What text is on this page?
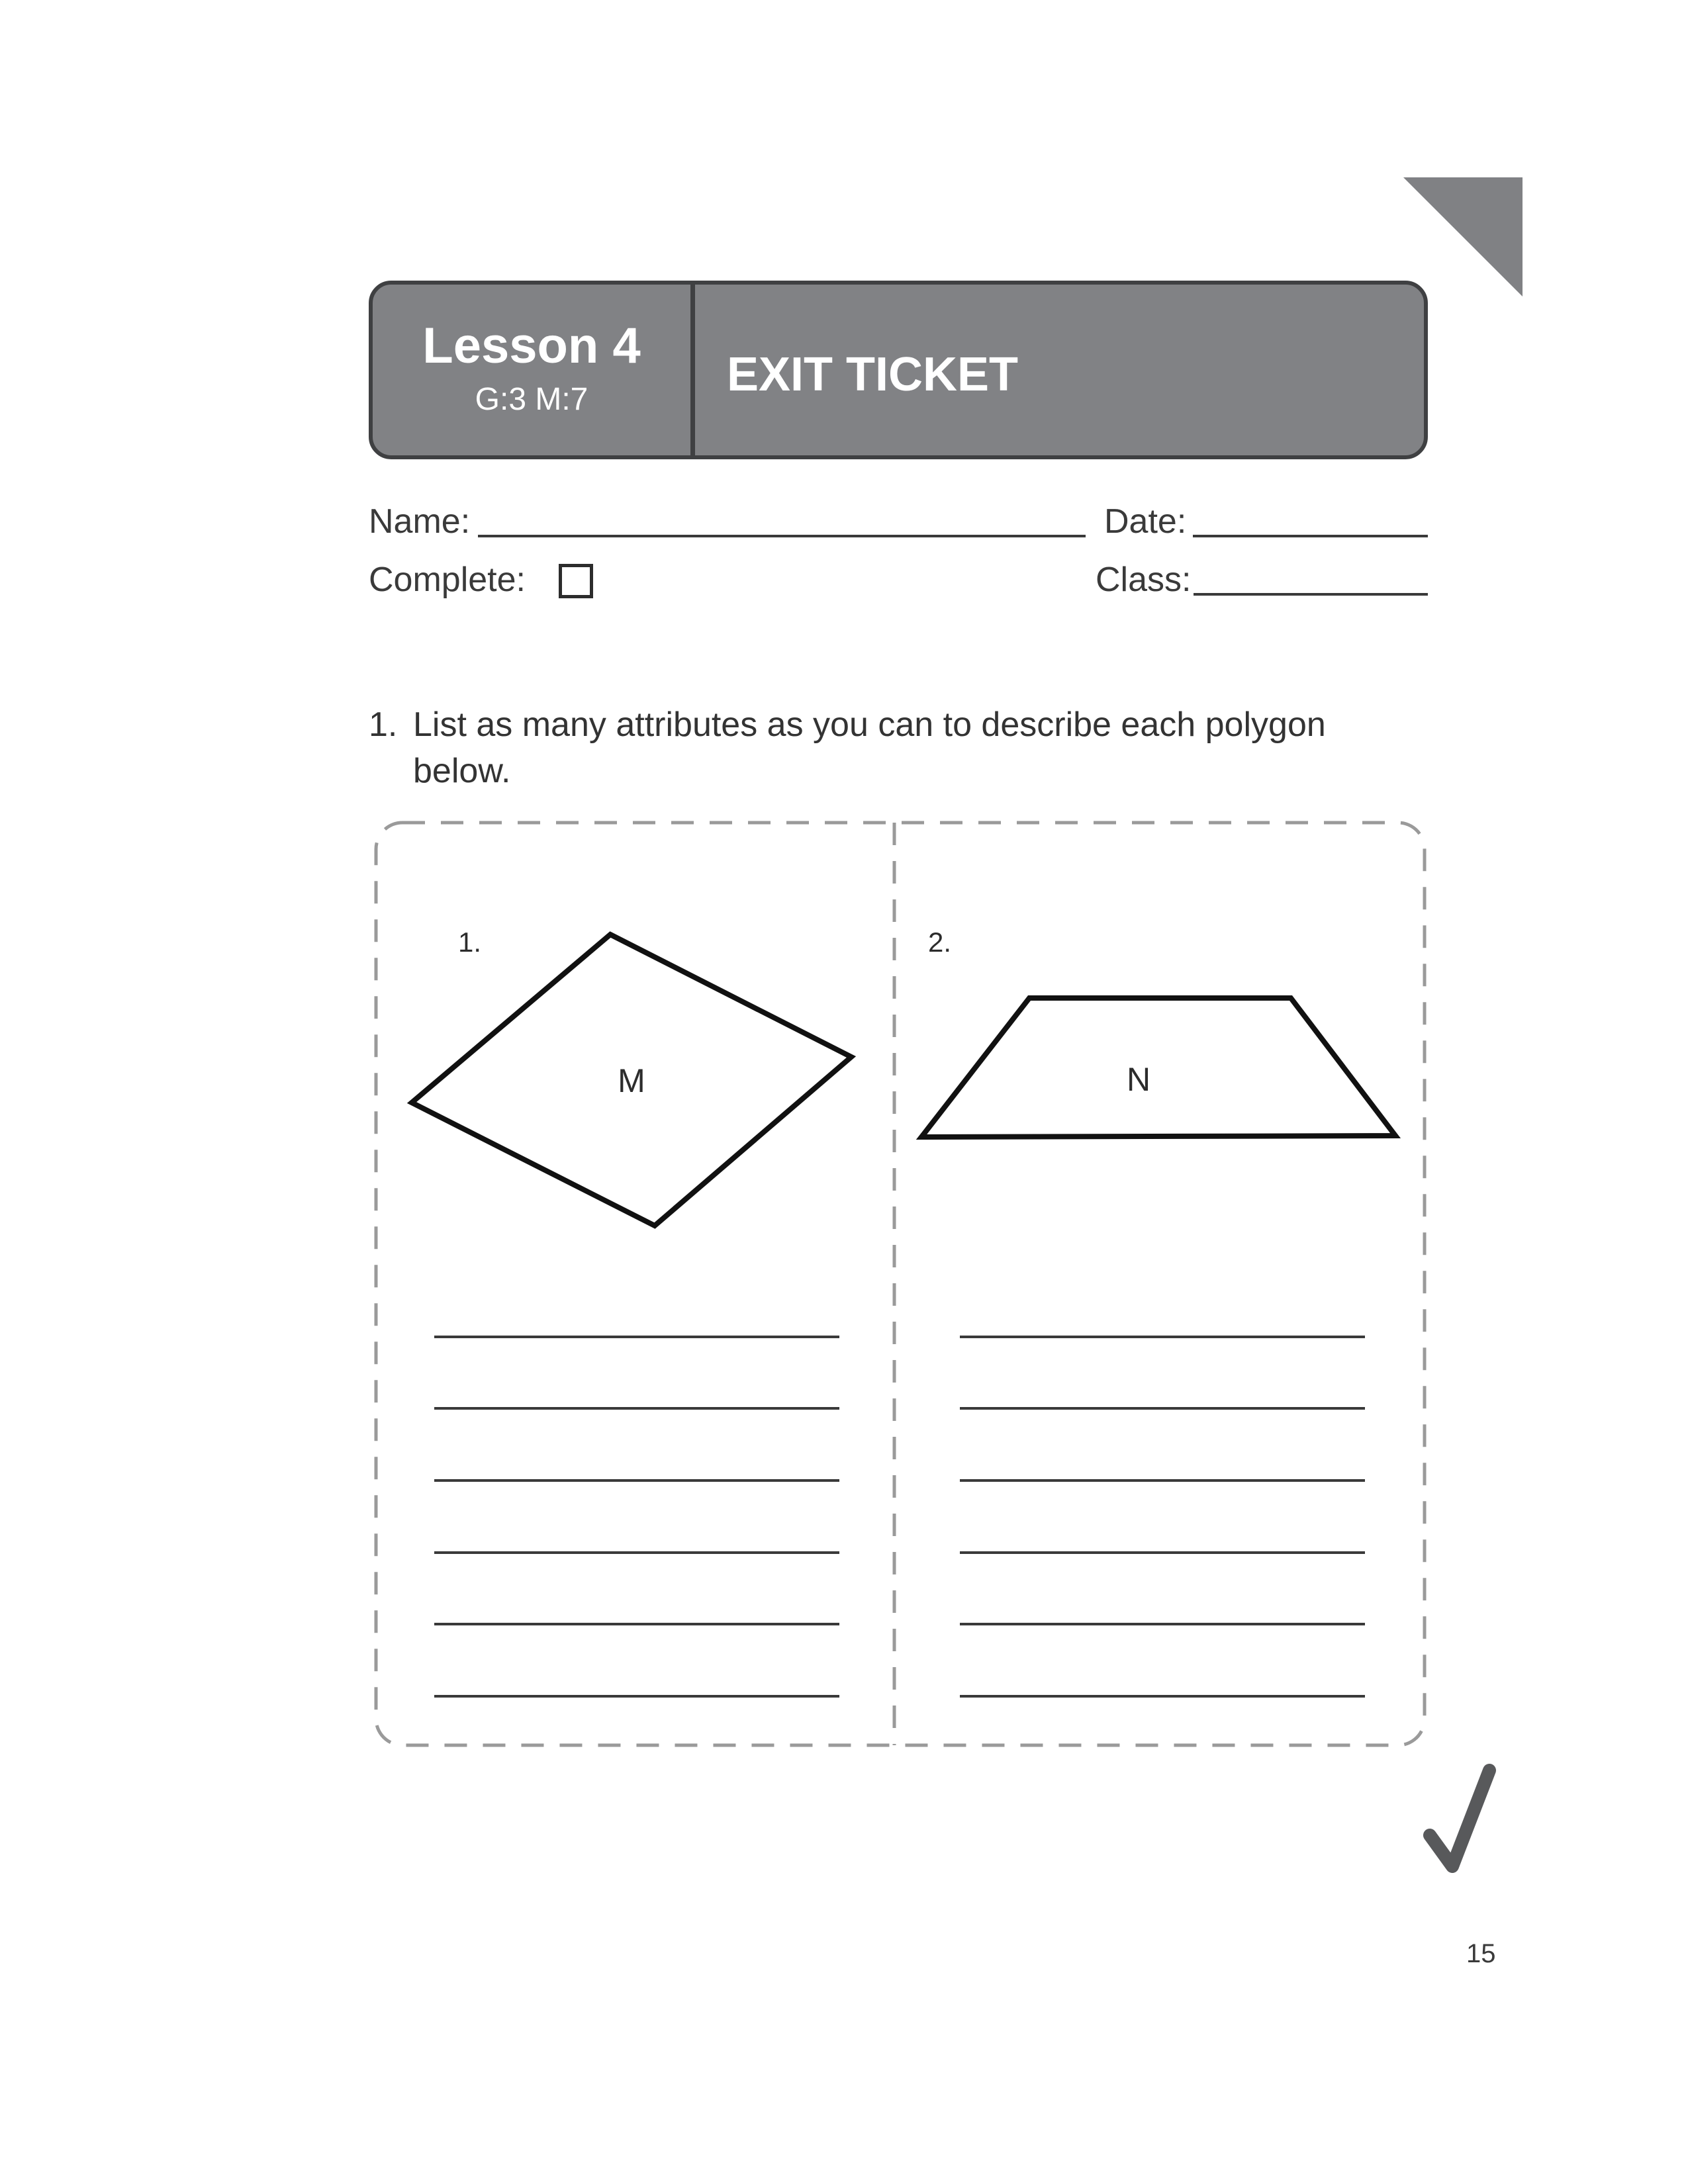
Lesson 4
G:3 M:7	EXIT TICKET
Name:	Date:
Complete:	Class:
1. List as many attributes as you can to describe each polygon below.
1.
M
2.
N
15
